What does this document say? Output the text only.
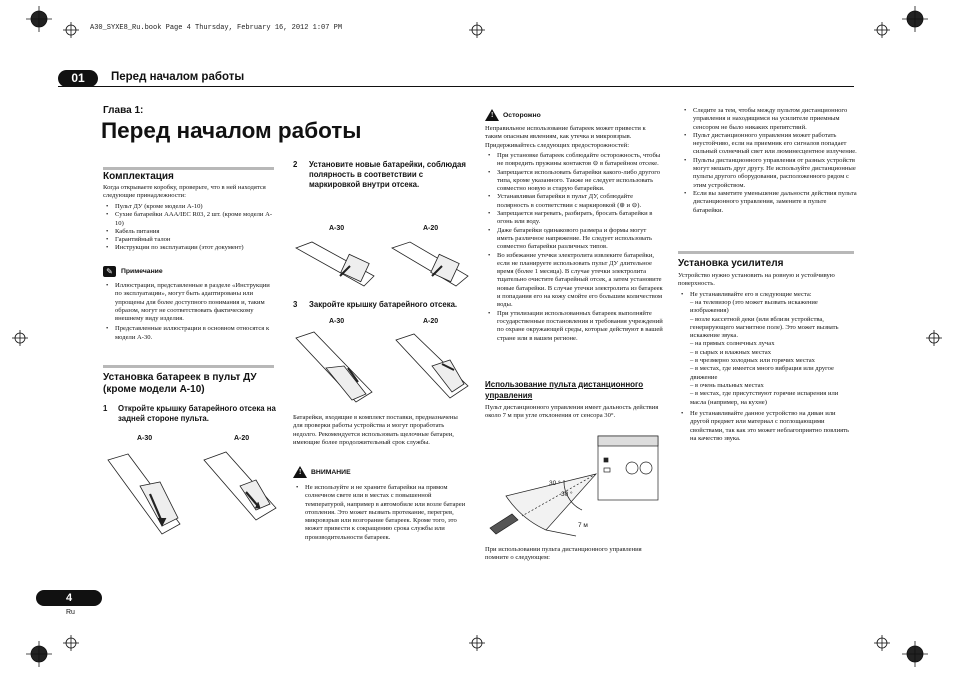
A30_SYXE8_Ru.book Page 4 Thursday, February 16, 2012 1:07 PM
01	Перед началом работы
Глава 1:
Перед началом работы
Комплектация

Когда открываете коробку, проверьте, что в ней находятся следующие принадлежности:

• Пульт ДУ (кроме модели A-10)
• Сухие батарейки AAA/IEC R03, 2 шт. (кроме модели A-10)
• Кабель питания
• Гарантийный талон
• Инструкции по эксплуатации (этот документ)
✎	Примечание
• Иллюстрации, представленные в разделе «Инструкции по эксплуатации», могут быть адаптированы или упрощены для более доступного понимания и, таким образом, могут не соответствовать фактическому внешнему виду изделия.
• Представленные иллюстрации в основном относятся к модели A-30.
Установка батареек в пульт ДУ (кроме модели A-10)
1 Откройте крышку батарейного отсека на задней стороне пульта.
A-30	A-20
2 Установите новые батарейки, соблюдая полярность в соответствии с маркировкой внутри отсека.
A-30	A-20
3 Закройте крышку батарейного отсека.
A-30	A-20

Батарейки, входящие в комплект поставки, предназначены для проверки работы устройства и могут проработать недолго. Рекомендуется использовать щелочные батареи, имеющие более продолжительный срок службы.

! ВНИМАНИЕ
• Не используйте и не храните батарейки на прямом солнечном свете или в местах с повышенной температурой, например в автомобиле или возле батареи отопления. Это может вызвать протекание, перегрев, микровзрыв или возгорание батареек. Кроме того, это может привести к сокращению срока службы или производительности батареек.
! Осторожно

Неправильное использование батареек может привести к таким опасным явлениям, как утечка и микровзрыв. Придерживайтесь следующих предосторожностей:

• При установке батареек соблюдайте осторожность, чтобы не повредить пружины контактов ⊖ в батарейном отсеке.
• Запрещается использовать батарейки какого-либо другого типа, кроме указанного. Также не следует использовать совместно новую и старую батарейки.
• Устанавливая батарейки в пульт ДУ, соблюдайте полярность в соответствии с маркировкой (⊕ и ⊖).
• Запрещается нагревать, разбирать, бросать батарейки в огонь или воду.
• Даже батарейки одинакового размера и формы могут иметь различное напряжение. Не следует использовать совместно батарейки различных типов.
• Во избежание утечки электролита извлеките батарейки, если не планируете использовать пульт ДУ длительное время (более 1 месяца). В случае утечки электролита тщательно очистите батарейный отсек, а затем установите новые батарейки. В случае утечки электролита из батареек и попадания его на кожу смойте его большим количеством воды.
• При утилизации использованных батареек выполняйте государственные постановления и требования учреждений по охране окружающей среды, которые действуют в вашей стране или в вашем регионе.
Использование пульта дистанционного управления

Пульт дистанционного управления имеет дальность действия около 7 м при угле отклонения от сенсора 30°.

30 °
30 °
7 м

При использовании пульта дистанционного управления помните о следующем:

• Следите за тем, чтобы между пультом дистанционного управления и находящимся на усилителе приемным сенсором не было никаких препятствий.
• Пульт дистанционного управления может работать неустойчиво, если на приемник его сигналов попадает сильный солнечный свет или люминесцентное излучение.
• Пульты дистанционного управления от разных устройств могут мешать друг другу. Не используйте дистанционные пульты другого оборудования, расположенного рядом с этим устройством.
• Если вы заметите уменьшение дальности действия пульта дистанционного управления, замените в пульте батарейки.
Установка усилителя

Устройство нужно установить на ровную и устойчивую поверхность.

• Не устанавливайте его в следующие места:
– на телевизор (это может вызвать искажение изображения)
– возле кассетной деки (или вблизи устройства, генерирующего магнитное поле). Это может вызвать искажение звука.
– на прямых солнечных лучах
– в сырых и влажных местах
– в чрезмерно холодных или горячих местах
– в местах, где имеется много вибрация или другое движение
– в очень пыльных местах
– в местах, где присутствуют горячие испарения или масла (например, на кухне)
• Не устанавливайте данное устройство на диван или другой предмет или материал с поглощающими свойствами, так как это может неблагоприятно повлиять на качество звука.
4
Ru
